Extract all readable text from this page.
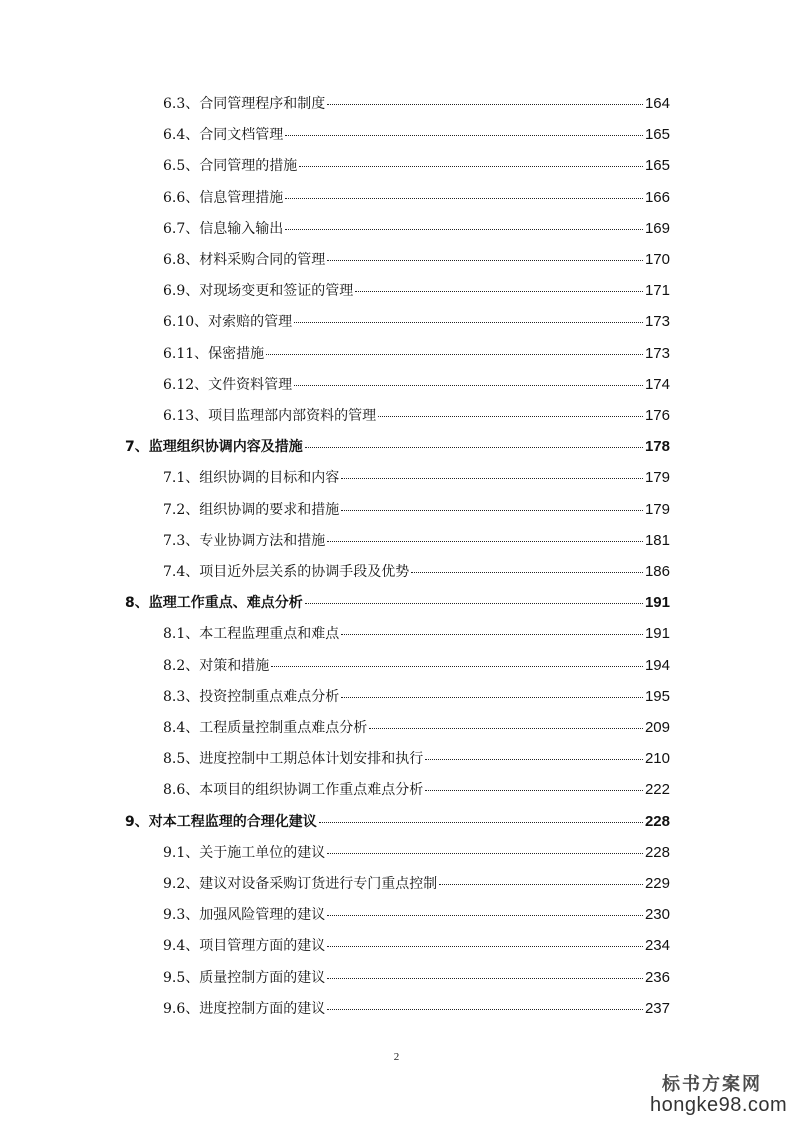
6.3、合同管理程序和制度	164
6.4、合同文档管理	165
6.5、合同管理的措施	165
6.6、信息管理措施	166
6.7、信息输入输出	169
6.8、材料采购合同的管理	170
6.9、对现场变更和签证的管理	171
6.10、对索赔的管理	173
6.11、保密措施	173
6.12、文件资料管理	174
6.13、项目监理部内部资料的管理	176
7、监理组织协调内容及措施	178
7.1、组织协调的目标和内容	179
7.2、组织协调的要求和措施	179
7.3、专业协调方法和措施	181
7.4、项目近外层关系的协调手段及优势	186
8、监理工作重点、难点分析	191
8.1、本工程监理重点和难点	191
8.2、对策和措施	194
8.3、投资控制重点难点分析	195
8.4、工程质量控制重点难点分析	209
8.5、进度控制中工期总体计划安排和执行	210
8.6、本项目的组织协调工作重点难点分析	222
9、对本工程监理的合理化建议	228
9.1、关于施工单位的建议	228
9.2、建议对设备采购订货进行专门重点控制	229
9.3、加强风险管理的建议	230
9.4、项目管理方面的建议	234
9.5、质量控制方面的建议	236
9.6、进度控制方面的建议	237
2
标书方案网
hongke98.com
